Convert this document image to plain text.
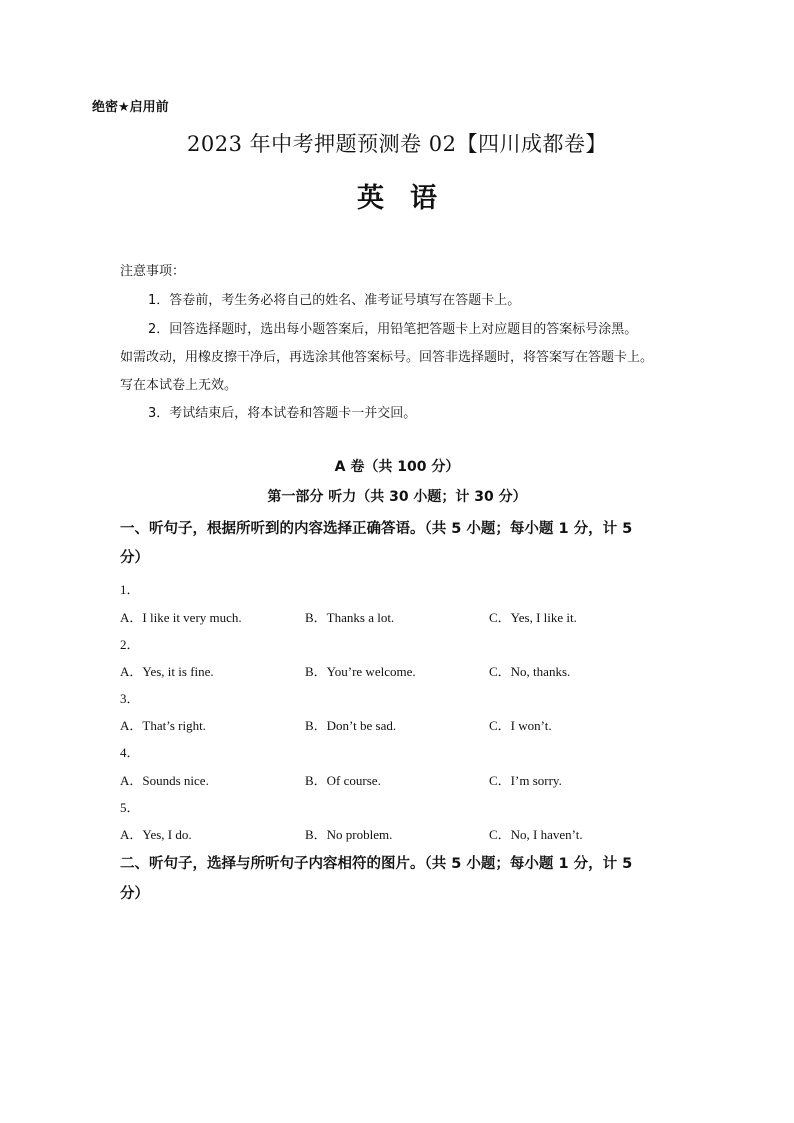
绝密★启用前
2023 年中考押题预测卷 02【四川成都卷】
英语
注意事项：
1．答卷前，考生务必将自己的姓名、准考证号填写在答题卡上。
2．回答选择题时，选出每小题答案后，用铅笔把答题卡上对应题目的答案标号涂黑。
如需改动，用橡皮擦干净后，再选涂其他答案标号。回答非选择题时，将答案写在答题卡上。
写在本试卷上无效。
3．考试结束后，将本试卷和答题卡一并交回。
A 卷（共 100 分）
第一部分 听力（共 30 小题；计 30 分）
一、听句子，根据所听到的内容选择正确答语。（共 5 小题；每小题 1 分，计 5
分）
1．
A．I like it very much.	B．Thanks a lot.	C．Yes, I like it.
2．
A．Yes, it is fine.	B．You’re welcome.	C．No, thanks.
3．
A．That’s right.	B．Don’t be sad.	C．I won’t.
4．
A．Sounds nice.	B．Of course.	C．I’m sorry.
5．
A．Yes, I do.	B．No problem.	C．No, I haven’t.
二、听句子，选择与所听句子内容相符的图片。（共 5 小题；每小题 1 分，计 5
分）
